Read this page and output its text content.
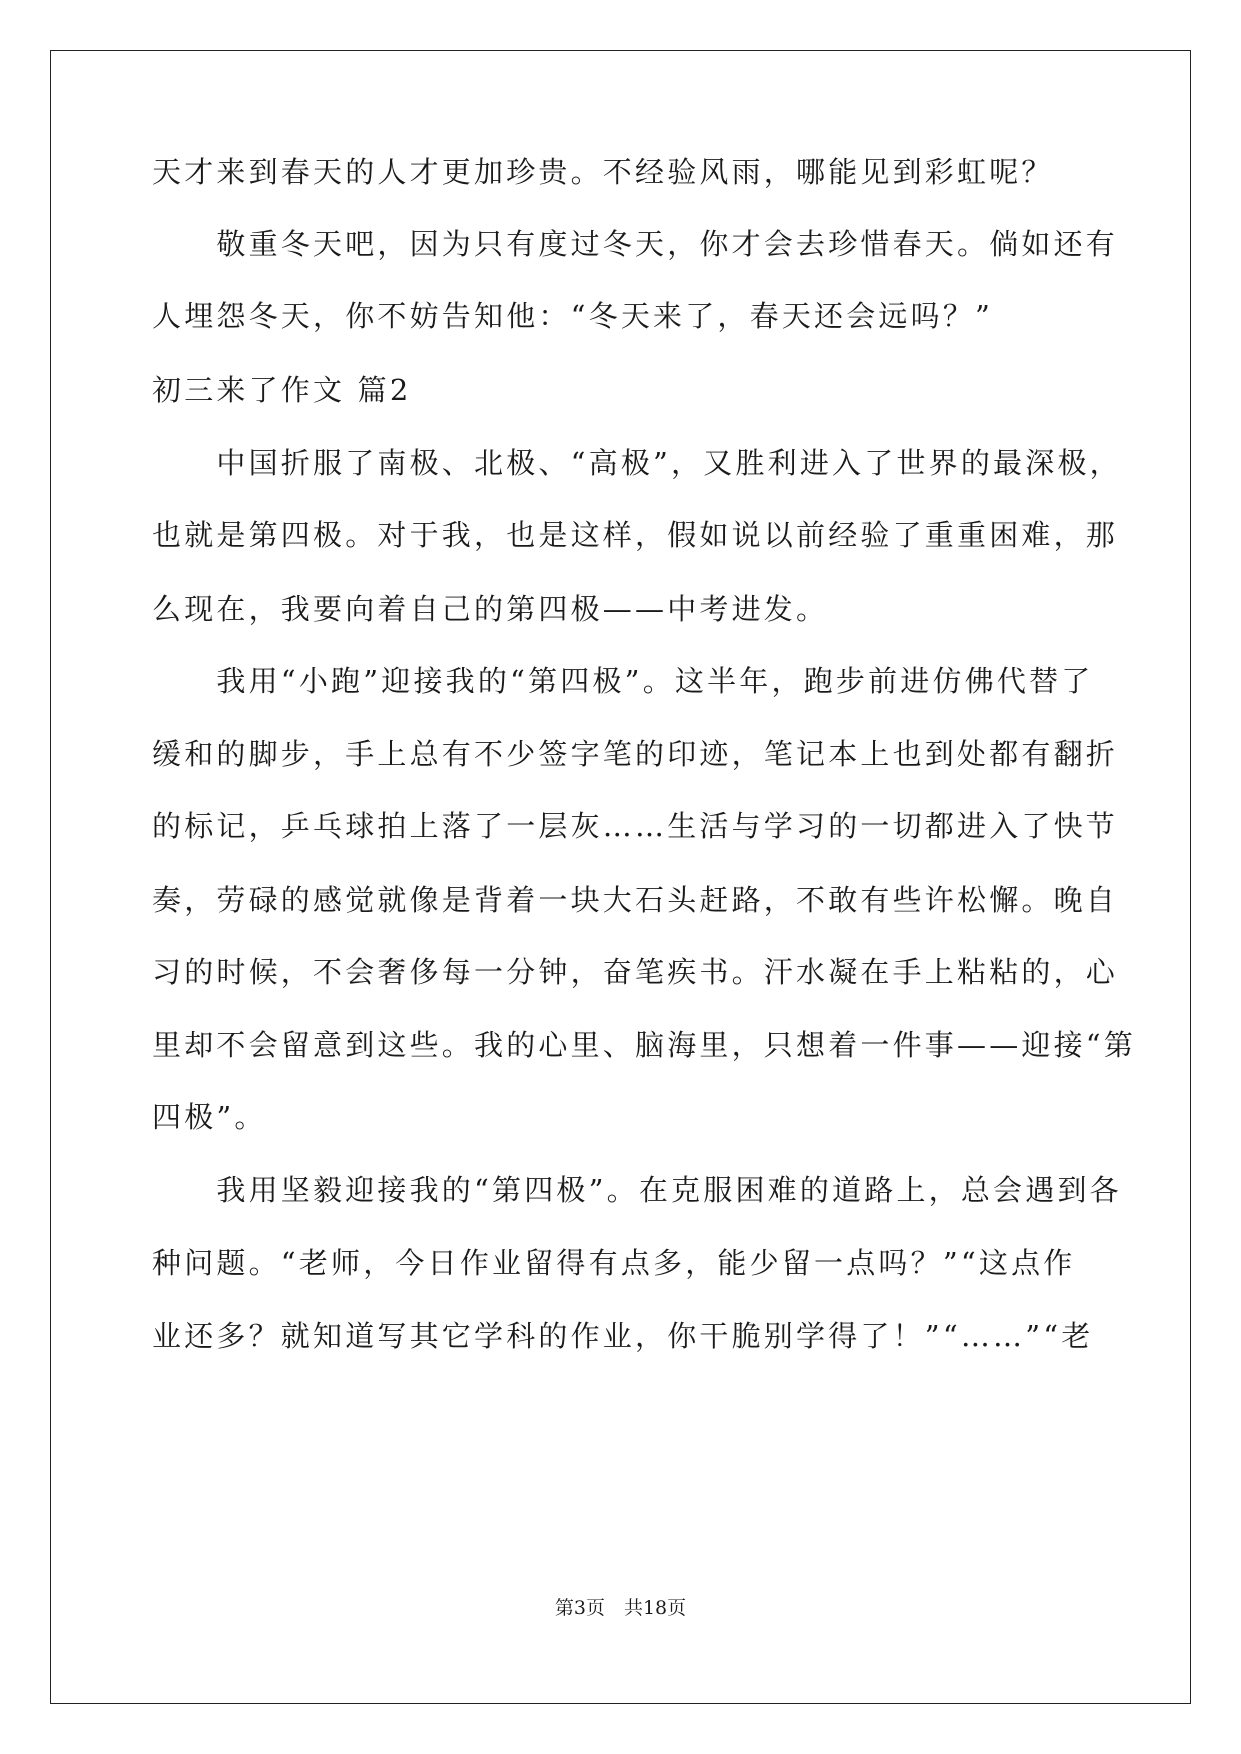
天才来到春天的人才更加珍贵。不经验风雨，哪能见到彩虹呢？
　　敬重冬天吧，因为只有度过冬天，你才会去珍惜春天。倘如还有
人埋怨冬天，你不妨告知他：“冬天来了，春天还会远吗？”
初三来了作文 篇2
　　中国折服了南极、北极、“高极”，又胜利进入了世界的最深极，
也就是第四极。对于我，也是这样，假如说以前经验了重重困难，那
么现在，我要向着自己的第四极——中考进发。
　　我用“小跑”迎接我的“第四极”。这半年，跑步前进仿佛代替了
缓和的脚步，手上总有不少签字笔的印迹，笔记本上也到处都有翻折
的标记，乒乓球拍上落了一层灰……生活与学习的一切都进入了快节
奏，劳碌的感觉就像是背着一块大石头赶路，不敢有些许松懈。晚自
习的时候，不会奢侈每一分钟，奋笔疾书。汗水凝在手上粘粘的，心
里却不会留意到这些。我的心里、脑海里，只想着一件事——迎接“第
四极”。
　　我用坚毅迎接我的“第四极”。在克服困难的道路上，总会遇到各
种问题。“老师，今日作业留得有点多，能少留一点吗？”“这点作
业还多？就知道写其它学科的作业，你干脆别学得了！”“……”“老
第3页　共18页
